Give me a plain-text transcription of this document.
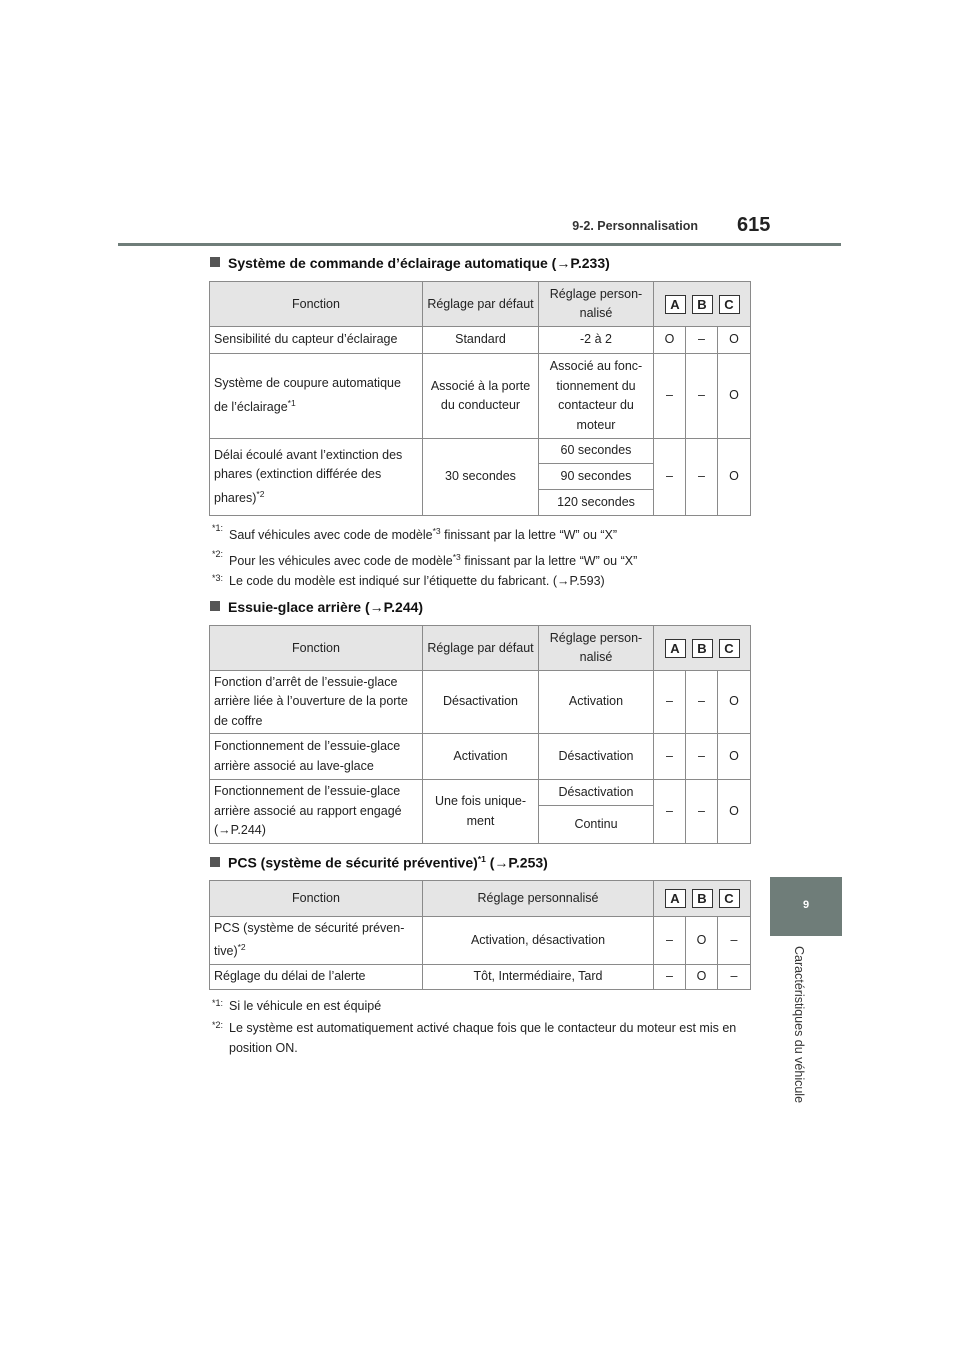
9-2. Personnalisation 615
9
Caractéristiques du véhicule
Système de commande d’éclairage automatique (→P.233)
Fonction	Réglage par défaut	Réglage person-nalisé	A B C		
Sensibilité du capteur d’éclairage	Standard	-2 à 2	O	–	O
Système de coupure automatique de l’éclairage$^{*1}$	Associé à la porte du conducteur	Associé au fonc-tionnement du contacteur du moteur	–	–	O
Délai écoulé avant l’extinction des phares (extinction différée des phares)$^{*2}$	30 secondes	60 secondes	–	–	O
		90 secondes			
		120 secondes			
*1:Sauf véhicules avec code de modèle$^{*3}$ finissant par la lettre “W” ou “X”
*2:Pour les véhicules avec code de modèle$^{*3}$ finissant par la lettre “W” ou “X”
*3: Le code du modèle est indiqué sur l’étiquette du fabricant. (→P.593)
Essuie-glace arrière (→P.244)
Fonction	Réglage par défaut	Réglage person-nalisé	A B C		
Fonction d’arrêt de l’essuie-glace arrière liée à l’ouverture de la porte de coffre	Désactivation	Activation	–	–	O
Fonctionnement de l’essuie-glace arrière associé au lave-glace	Activation	Désactivation	–	–	O
Fonctionnement de l’essuie-glace arrière associé au rapport engagé (→P.244)	Une fois unique-ment	Désactivation	–	–	O
		Continu			
PCS (système de sécurité préventive)$^{*1}$ (→P.253)
Fonction	Réglage personnalisé	A B C		
PCS (système de sécurité préven-tive)$^{*2}$	Activation, désactivation	–	O	–
Réglage du délai de l’alerte	Tôt, Intermédiaire, Tard	–	O	–
*1: Si le véhicule en est équipé
*2: Le système est automatiquement activé chaque fois que le contacteur du moteur est mis en position ON.
